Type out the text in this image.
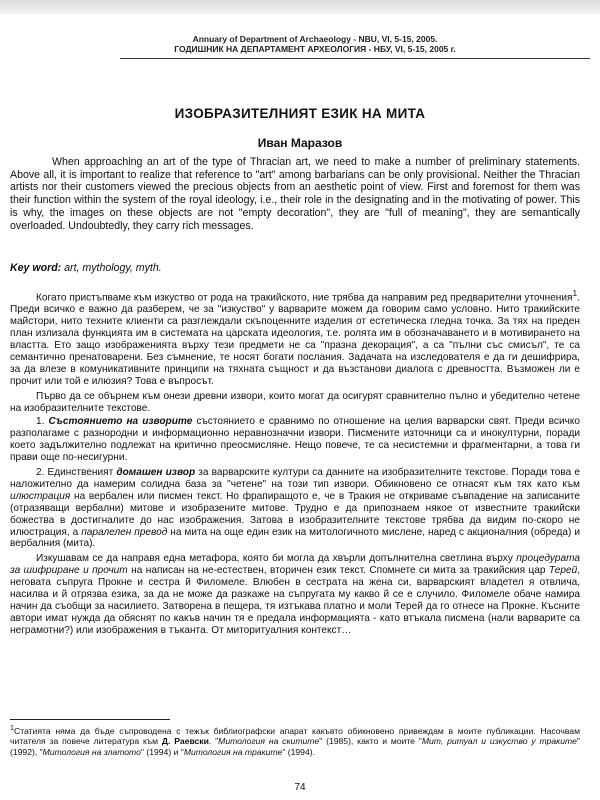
Annuary of Department of Archaeology - NBU, VI, 5-15, 2005.
ГОДИШНИК НА ДЕПАРТАМЕНТ АРХЕОЛОГИЯ - НБУ, VI, 5-15, 2005 г.
ИЗОБРАЗИТЕЛНИЯТ ЕЗИК НА МИТА
Иван Маразов

When approaching an art of the type of Thracian art, we need to make a number of preliminary statements. Above all, it is important to realize that reference to "art" among barbarians can be only provisional. Neither the Thracian artists nor their customers viewed the precious objects from an aesthetic point of view. First and foremost for them was their function within the system of the royal ideology, i.e., their role in the designating and in the motivating of power. This is why, the images on these objects are not "empty decoration", they are "full of meaning", they are semantically overloaded. Undoubtedly, they carry rich messages.

Key word: art, mythology, myth.

Когато пристъпваме към изкуство от рода на тракийското, ние трябва да направим ред предварителни уточнения$^1$. Преди всичко е важно да разберем, че за "изкуство" у варварите можем да говорим само условно. Нито тракийските майстори, нито техните клиенти са разглеждали скъпоценните изделия от естетическа гледна точка. За тях на преден план излизала функцията им в системата на царската идеология, т.е. ролята им в обозначаването и в мотивирането на властта. Ето защо изображенията върху тези предмети не са "празна декорация", а са "пълни със смисъл", те са семантично пренатоварени. Без съмнение, те носят богати послания. Задачата на изследователя е да ги дешифрира, за да влезе в комуникативните принципи на тяхната същност и да възстанови диалога с древността. Възможен ли е прочит или той е илюзия? Това е въпросът.

Първо да се обърнем към онези древни извори, които могат да осигурят сравнително пълно и убедително четене на изобразителните текстове.

1. Състоянието на изворите състоянието е сравнимо по отношение на целия варварски свят. Преди всичко разполагаме с разнородни и информационно неравнозначни извори. Писмените източници са и инокултурни, поради което задължително подлежат на критично преосмисляне. Нещо повече, те са несистемни и фрагментарни, а това ги прави още по-несигурни.

2. Единственият домашен извор за варварските култури са данните на изобразителните текстове. Поради това е наложително да намерим солидна база за "четене" на този тип извори. Обикновено се отнасят към тях като към илюстрация на вербален или писмен текст. Но фрапиращото е, че в Тракия не откриваме съвпадение на записаните (отразяващи вербални) митове и изобразените митове. Трудно е да припознаем някое от известните тракийски божества в достигналите до нас изображения. Затова в изобразителните текстове трябва да видим по-скоро не илюстрация, а паралелен превод на мита на още един език на митологичното мислене, наред с акционалния (обреда) и вербалния (мита).

Изкушавам се да направя една метафора, която би могла да хвърли допълнителна светлина върху процедурата за шифриране и прочит на написан на не-естествен, вторичен език текст. Спомнете си мита за тракийския цар Терей, неговата съпруга Прокне и сестра й Филомеле. Влюбен в сестрата на жена си, варварският владетел я отвлича, насилва и й отрязва езика, за да не може да разкаже на съпругата му какво й се е случило. Филомеле обаче намира начин да съобщи за насилието. Затворена в пещера, тя изтъкава платно и моли Терей да го отнесе на Прокне. Късните автори имат нужда да обяснят по какъв начин тя е предала информацията - като втъкала писмена (нали варварите са неграмотни?) или изображения в тъканта. От миторитуалния контекст…

$^1$Статията няма да бъде съпроводена с тежък библиографски апарат какъвто обикновено привеждам в моите публикации. Насочвам читателя за повече литература към Д. Раевски. "Митология на скитите" (1985), както и моите "Мит, ритуал и изкуство у траките" (1992), "Митология на златото" (1994) и "Митология на траките" (1994).
74
